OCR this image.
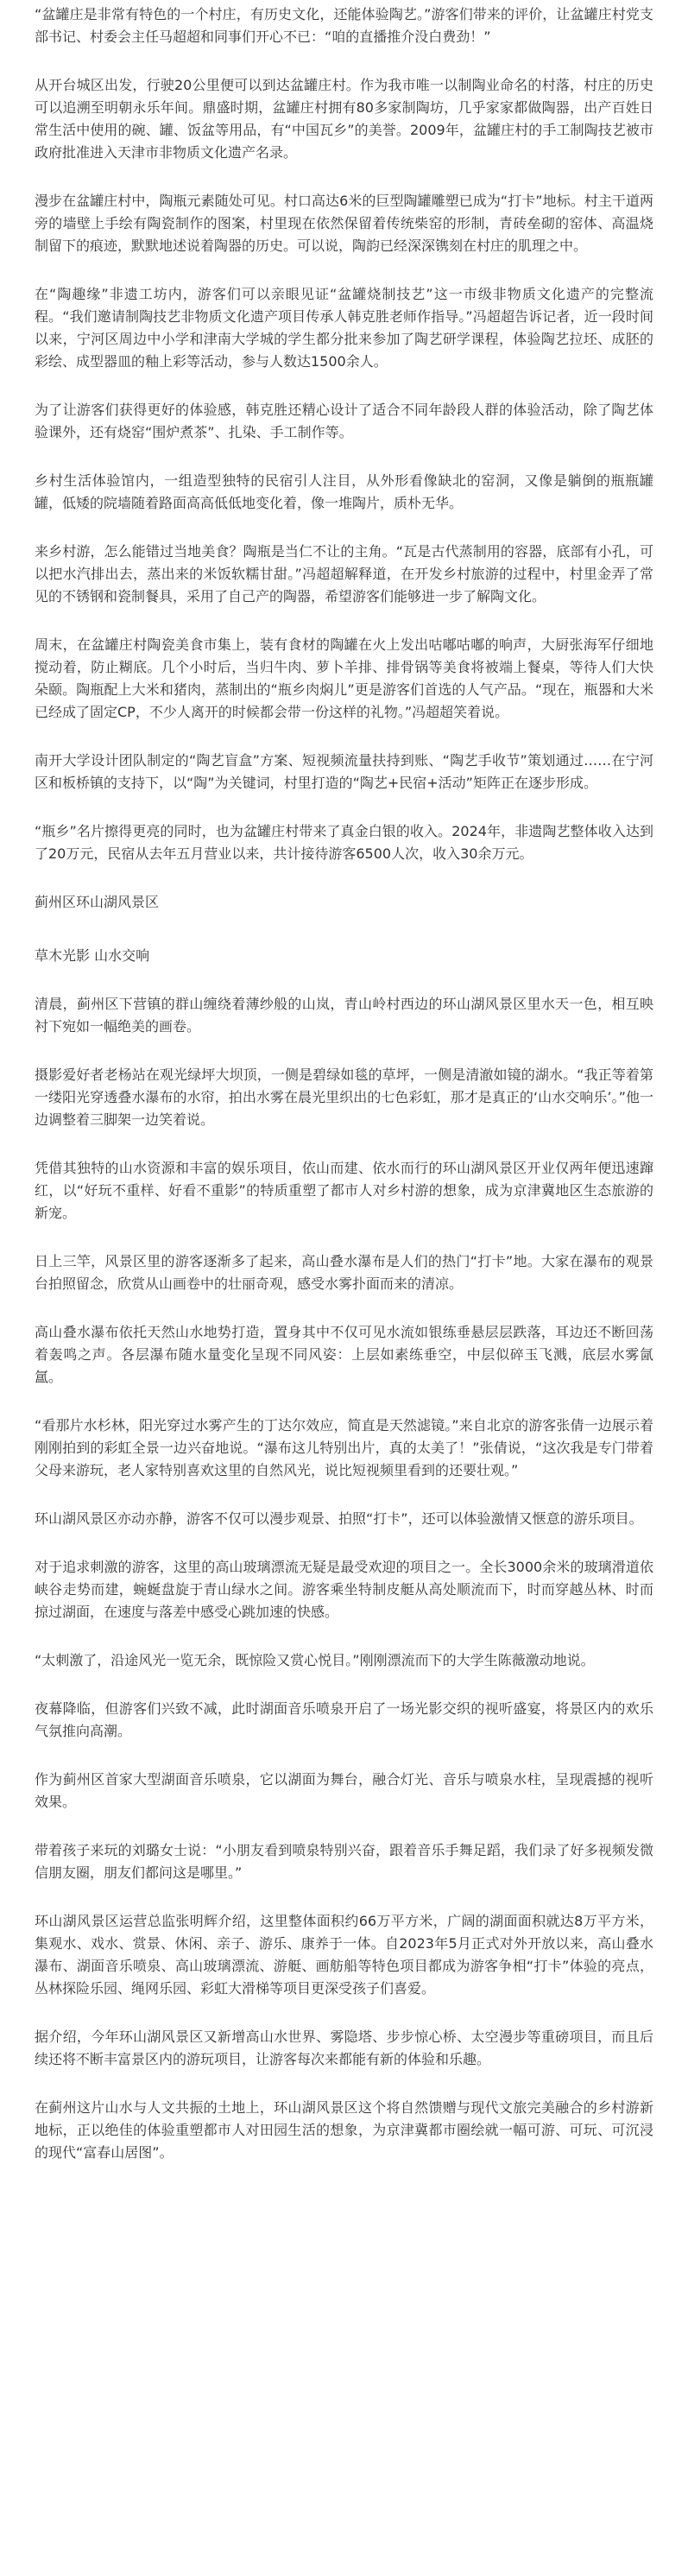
“盆罐庄是非常有特色的一个村庄，有历史文化，还能体验陶艺。”游客们带来的评价，让盆罐庄村党支部书记、村委会主任马超超和同事们开心不已：“咱的直播推介没白费劲！”

从开台城区出发，行驶20公里便可以到达盆罐庄村。作为我市唯一以制陶业命名的村落，村庄的历史可以追溯至明朝永乐年间。鼎盛时期，盆罐庄村拥有80多家制陶坊，几乎家家都做陶器，出产百姓日常生活中使用的碗、罐、饭盆等用品，有“中国瓦乡”的美誉。2009年，盆罐庄村的手工制陶技艺被市政府批准进入天津市非物质文化遗产名录。

漫步在盆罐庄村中，陶瓶元素随处可见。村口高达6米的巨型陶罐雕塑已成为“打卡”地标。村主干道两旁的墙壁上手绘有陶瓷制作的图案，村里现在依然保留着传统柴窑的形制，青砖垒砌的窑体、高温烧制留下的痕迹，默默地述说着陶器的历史。可以说，陶韵已经深深镌刻在村庄的肌理之中。

在“陶趣缘”非遗工坊内，游客们可以亲眼见证“盆罐烧制技艺”这一市级非物质文化遗产的完整流程。“我们邀请制陶技艺非物质文化遗产项目传承人韩克胜老师作指导。”冯超超告诉记者，近一段时间以来，宁河区周边中小学和津南大学城的学生都分批来参加了陶艺研学课程，体验陶艺拉坯、成胚的彩绘、成型器皿的釉上彩等活动，参与人数达1500余人。

为了让游客们获得更好的体验感，韩克胜还精心设计了适合不同年龄段人群的体验活动，除了陶艺体验课外，还有烧窑“围炉煮茶”、扎染、手工制作等。

乡村生活体验馆内，一组造型独特的民宿引人注目，从外形看像缺北的窑洞，又像是躺倒的瓶瓶罐罐，低矮的院墙随着路面高高低低地变化着，像一堆陶片，质朴无华。

来乡村游，怎么能错过当地美食？陶瓶是当仁不让的主角。“瓦是古代蒸制用的容器，底部有小孔，可以把水汽排出去，蒸出来的米饭软糯甘甜。”冯超超解释道，在开发乡村旅游的过程中，村里金弄了常见的不锈钢和瓷制餐具，采用了自己产的陶器，希望游客们能够进一步了解陶文化。

周末，在盆罐庄村陶瓷美食市集上，装有食材的陶罐在火上发出咕嘟咕嘟的响声，大厨张海军仔细地搅动着，防止糊底。几个小时后，当归牛肉、萝卜羊排、排骨锅等美食将被端上餐桌，等待人们大快朵颐。陶瓶配上大米和猪肉，蒸制出的“瓶乡肉焖儿”更是游客们首选的人气产品。“现在，瓶器和大米已经成了固定CP，不少人离开的时候都会带一份这样的礼物。”冯超超笑着说。

南开大学设计团队制定的“陶艺盲盒”方案、短视频流量扶持到账、“陶艺手收节”策划通过……在宁河区和板桥镇的支持下，以“陶”为关键词，村里打造的“陶艺+民宿+活动”矩阵正在逐步形成。

“瓶乡”名片擦得更亮的同时，也为盆罐庄村带来了真金白银的收入。2024年，非遗陶艺整体收入达到了20万元，民宿从去年五月营业以来，共计接待游客6500人次，收入30余万元。

蓟州区环山湖风景区

草木光影 山水交响

清晨，蓟州区下营镇的群山缠绕着薄纱般的山岚，青山岭村西边的环山湖风景区里水天一色，相互映衬下宛如一幅绝美的画卷。

摄影爱好者老杨站在观光绿坪大坝顶，一侧是碧绿如毯的草坪，一侧是清澈如镜的湖水。“我正等着第一缕阳光穿透叠水瀑布的水帘，拍出水雾在晨光里织出的七色彩虹，那才是真正的‘山水交响乐’。”他一边调整着三脚架一边笑着说。

凭借其独特的山水资源和丰富的娱乐项目，依山而建、依水而行的环山湖风景区开业仅两年便迅速蹿红，以“好玩不重样、好看不重影”的特质重塑了都市人对乡村游的想象，成为京津冀地区生态旅游的新宠。

日上三竿，风景区里的游客逐渐多了起来，高山叠水瀑布是人们的热门“打卡”地。大家在瀑布的观景台拍照留念，欣赏从山画卷中的壮丽奇观，感受水雾扑面而来的清凉。

高山叠水瀑布依托天然山水地势打造，置身其中不仅可见水流如银练垂悬层层跌落，耳边还不断回荡着轰鸣之声。各层瀑布随水量变化呈现不同风姿：上层如素练垂空，中层似碎玉飞溅，底层水雾氤氲。

“看那片水杉林，阳光穿过水雾产生的丁达尔效应，简直是天然滤镜。”来自北京的游客张倩一边展示着刚刚拍到的彩虹全景一边兴奋地说。“瀑布这儿特别出片，真的太美了！”张倩说，“这次我是专门带着父母来游玩，老人家特别喜欢这里的自然风光，说比短视频里看到的还要壮观。”

环山湖风景区亦动亦静，游客不仅可以漫步观景、拍照“打卡”，还可以体验激情又惬意的游乐项目。

对于追求刺激的游客，这里的高山玻璃漂流无疑是最受欢迎的项目之一。全长3000余米的玻璃滑道依峡谷走势而建，蜿蜒盘旋于青山绿水之间。游客乘坐特制皮艇从高处顺流而下，时而穿越丛林、时而掠过湖面，在速度与落差中感受心跳加速的快感。

“太刺激了，沿途风光一览无余，既惊险又赏心悦目。”刚刚漂流而下的大学生陈薇激动地说。

夜幕降临，但游客们兴致不减，此时湖面音乐喷泉开启了一场光影交织的视听盛宴，将景区内的欢乐气氛推向高潮。

作为蓟州区首家大型湖面音乐喷泉，它以湖面为舞台，融合灯光、音乐与喷泉水柱，呈现震撼的视听效果。

带着孩子来玩的刘璐女士说：“小朋友看到喷泉特别兴奋，跟着音乐手舞足蹈，我们录了好多视频发微信朋友圈，朋友们都问这是哪里。”

环山湖风景区运营总监张明辉介绍，这里整体面积约66万平方米，广阔的湖面面积就达8万平方米，集观水、戏水、赏景、休闲、亲子、游乐、康养于一体。自2023年5月正式对外开放以来，高山叠水瀑布、湖面音乐喷泉、高山玻璃漂流、游艇、画舫船等特色项目都成为游客争相“打卡”体验的亮点，丛林探险乐园、绳网乐园、彩虹大滑梯等项目更深受孩子们喜爱。

据介绍，今年环山湖风景区又新增高山水世界、雾隐塔、步步惊心桥、太空漫步等重磅项目，而且后续还将不断丰富景区内的游玩项目，让游客每次来都能有新的体验和乐趣。

在蓟州这片山水与人文共振的土地上，环山湖风景区这个将自然馈赠与现代文旅完美融合的乡村游新地标，正以绝佳的体验重塑都市人对田园生活的想象，为京津冀都市圈绘就一幅可游、可玩、可沉浸的现代“富春山居图”。
